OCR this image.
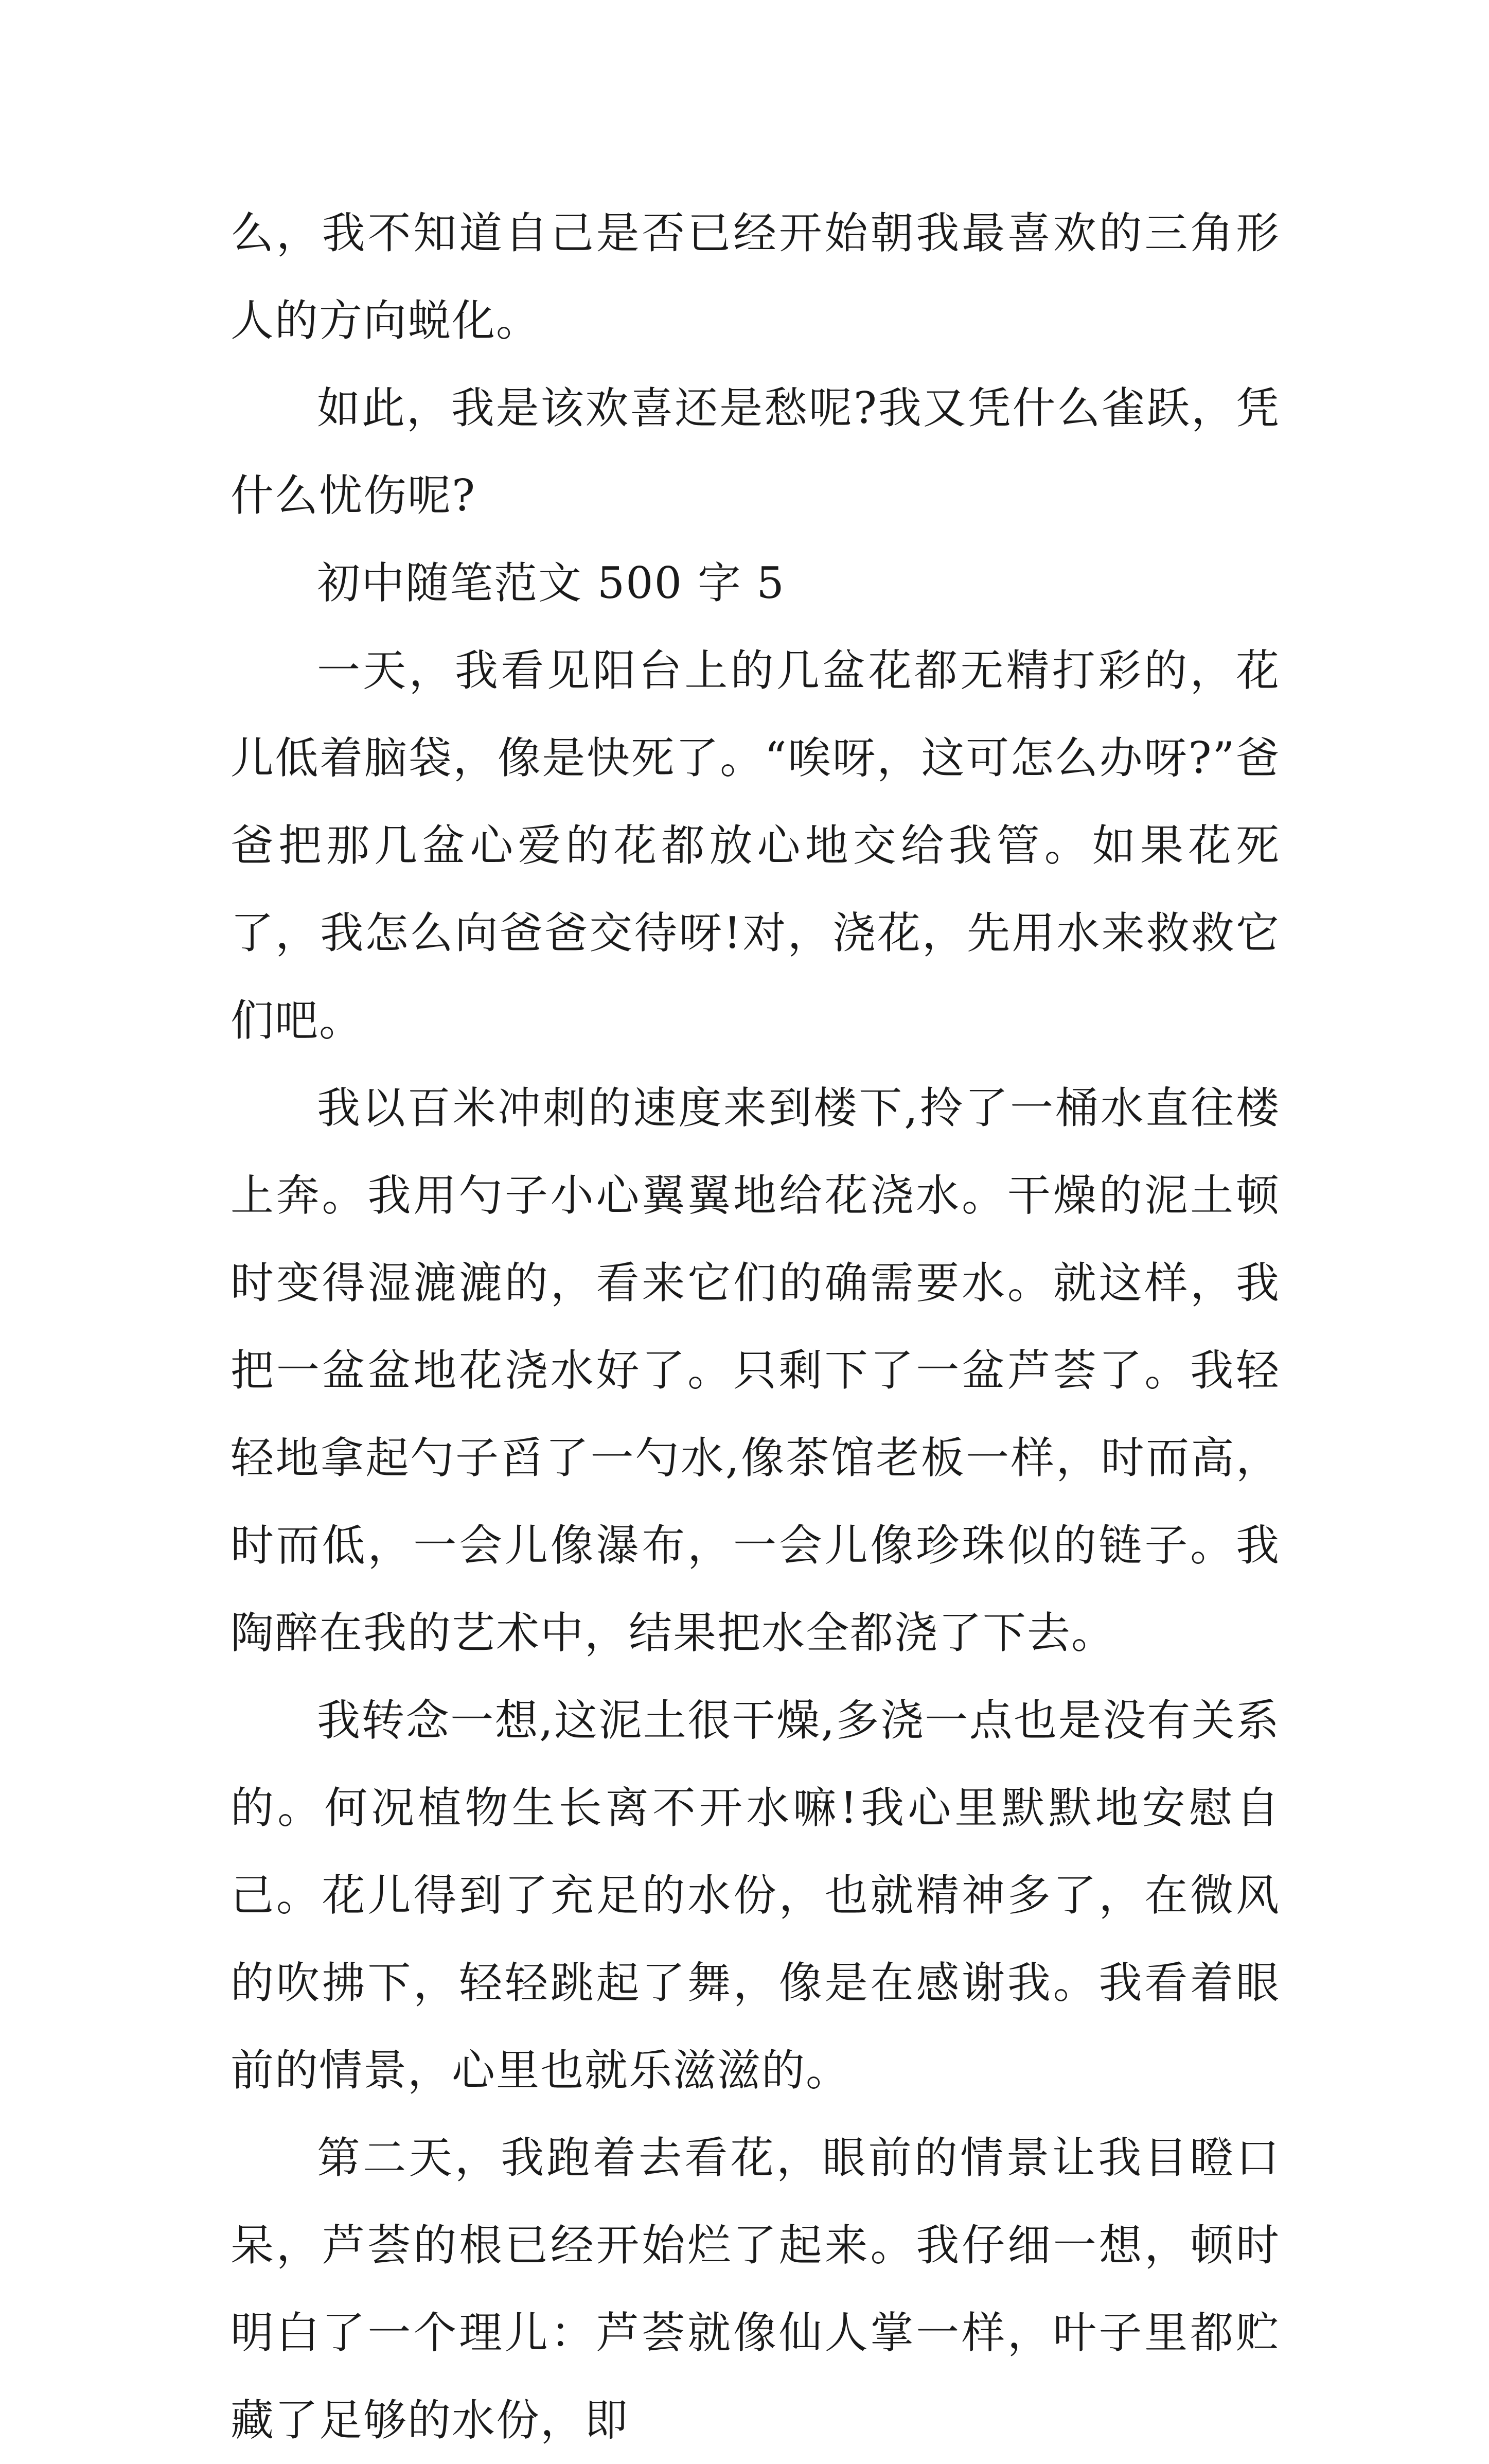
么，我不知道自己是否已经开始朝我最喜欢的三角形人的方向蜕化。

如此，我是该欢喜还是愁呢?我又凭什么雀跃，凭什么忧伤呢?

初中随笔范文 500 字 5

一天，我看见阳台上的几盆花都无精打彩的，花儿低着脑袋，像是快死了。“唉呀，这可怎么办呀?”爸爸把那几盆心爱的花都放心地交给我管。如果花死了，我怎么向爸爸交待呀!对，浇花，先用水来救救它们吧。

我以百米冲刺的速度来到楼下,拎了一桶水直往楼上奔。我用勺子小心翼翼地给花浇水。干燥的泥土顿时变得湿漉漉的，看来它们的确需要水。就这样，我把一盆盆地花浇水好了。只剩下了一盆芦荟了。我轻轻地拿起勺子舀了一勺水,像茶馆老板一样，时而高，时而低，一会儿像瀑布，一会儿像珍珠似的链子。我陶醉在我的艺术中，结果把水全都浇了下去。

我转念一想,这泥土很干燥,多浇一点也是没有关系的。何况植物生长离不开水嘛!我心里默默地安慰自己。花儿得到了充足的水份，也就精神多了，在微风的吹拂下，轻轻跳起了舞，像是在感谢我。我看着眼前的情景，心里也就乐滋滋的。

第二天，我跑着去看花，眼前的情景让我目瞪口呆，芦荟的根已经开始烂了起来。我仔细一想，顿时明白了一个理儿：芦荟就像仙人掌一样，叶子里都贮藏了足够的水份，即
